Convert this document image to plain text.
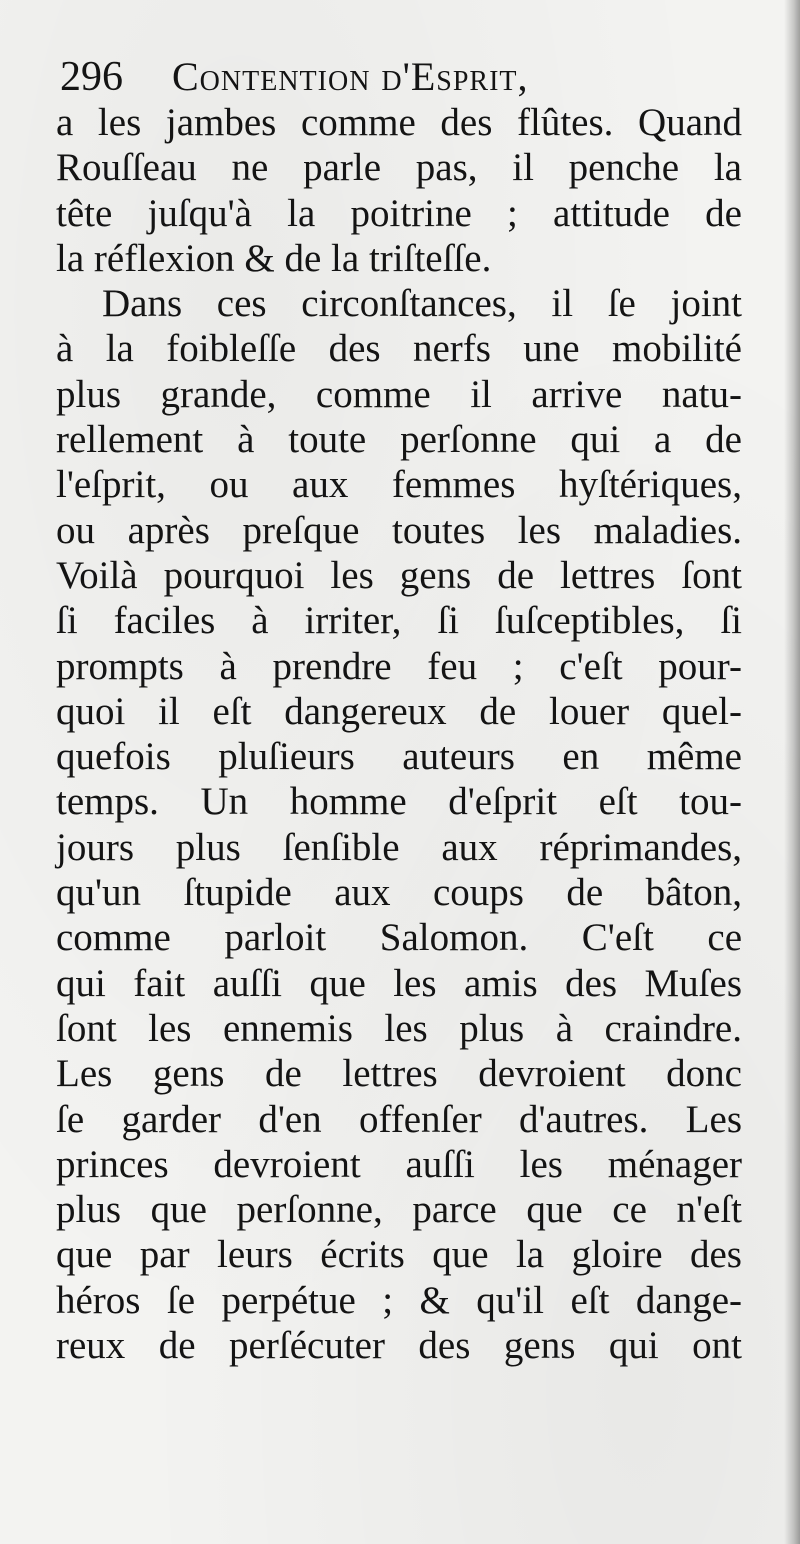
296 Contention d'Esprit,
a les jambes comme des flûtes. Quand
Rouſſeau ne parle pas, il penche la
tête juſqu'à la poitrine ; attitude de
la réflexion & de la triſteſſe.
Dans ces circonſtances, il ſe joint
à la foibleſſe des nerfs une mobilité
plus grande, comme il arrive natu-
rellement à toute perſonne qui a de
l'eſprit, ou aux femmes hyſtériques,
ou après preſque toutes les maladies.
Voilà pourquoi les gens de lettres ſont
ſi faciles à irriter, ſi ſuſceptibles, ſi
prompts à prendre feu ; c'eſt pour-
quoi il eſt dangereux de louer quel-
quefois pluſieurs auteurs en même
temps. Un homme d'eſprit eſt tou-
jours plus ſenſible aux réprimandes,
qu'un ſtupide aux coups de bâton,
comme parloit Salomon. C'eſt ce
qui fait auſſi que les amis des Muſes
ſont les ennemis les plus à craindre.
Les gens de lettres devroient donc
ſe garder d'en offenſer d'autres. Les
princes devroient auſſi les ménager
plus que perſonne, parce que ce n'eſt
que par leurs écrits que la gloire des
héros ſe perpétue ; & qu'il eſt dange-
reux de perſécuter des gens qui ont
